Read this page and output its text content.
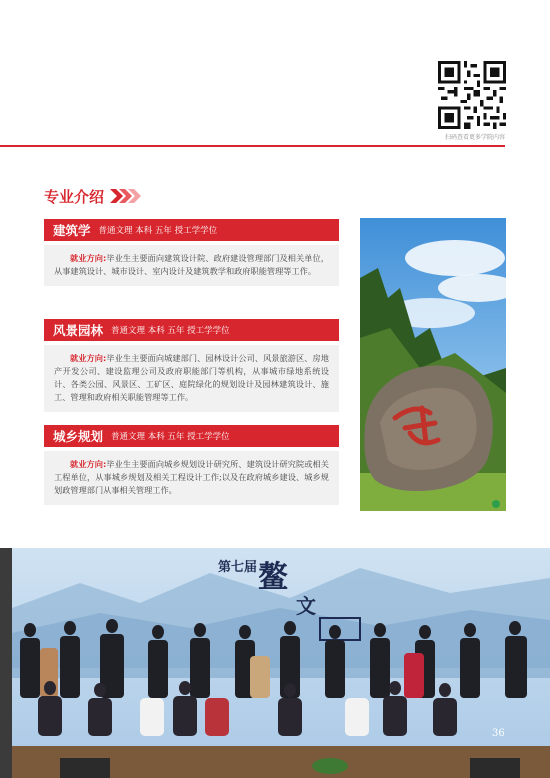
扫码查看更多学院内容
专业介绍
建筑学 普通文理 本科 五年 授工学学位
就业方向:毕业生主要面向建筑设计院、政府建设管理部门及相关单位，从事建筑设计、城市设计、室内设计及建筑教学和政府职能管理等工作。
风景园林 普通文理 本科 五年 授工学学位
就业方向:毕业生主要面向城建部门、园林设计公司、风景旅游区、房地产开发公司、建设监理公司及政府职能部门等机构，从事城市绿地系统设计、各类公园、风景区、工矿区、庭院绿化的规划设计及园林建筑设计、施工、管理和政府相关职能管理等工作。
城乡规划 普通文理 本科 五年 授工学学位
就业方向:毕业生主要面向城乡规划设计研究所、建筑设计研究院或相关工程单位，从事城乡规划及相关工程设计工作;以及在政府城乡建设、城乡规划政管理部门从事相关管理工作。
第七届 鳌
文
36
